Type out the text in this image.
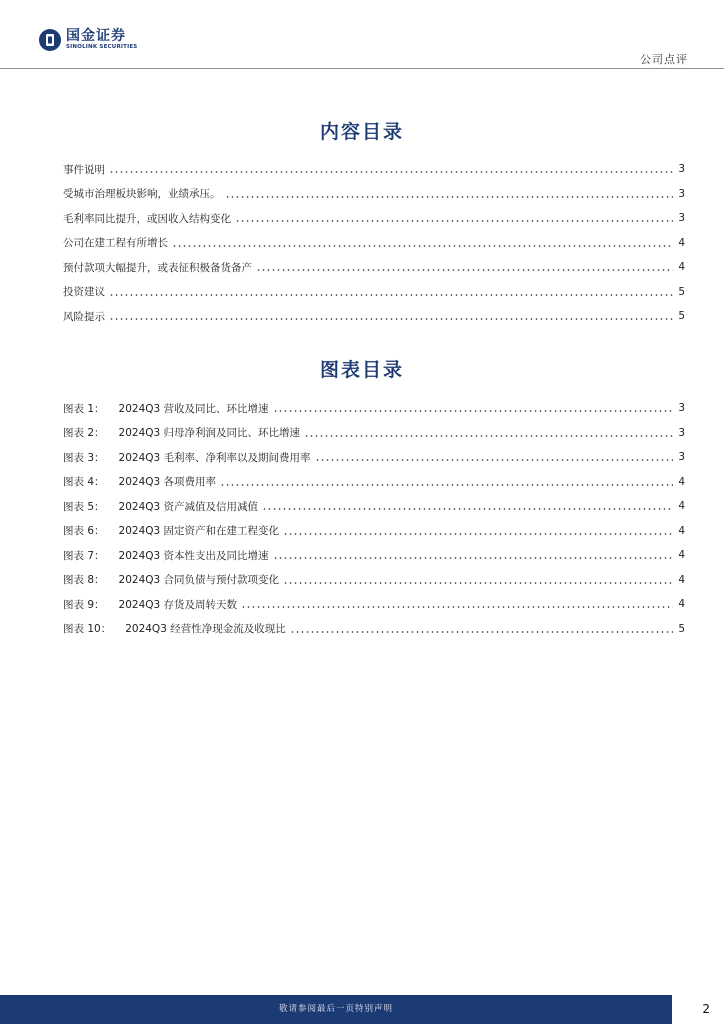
国金证券
SINOLINK SECURITIES
公司点评
内容目录
事件说明	3
受城市治理板块影响，业绩承压。	3
毛利率同比提升，或因收入结构变化	3
公司在建工程有所增长	4
预付款项大幅提升，或表征积极备货备产	4
投资建议	5
风险提示	5
图表目录
图表 1： 2024Q3 营收及同比、环比增速	3
图表 2： 2024Q3 归母净利润及同比、环比增速	3
图表 3： 2024Q3 毛利率、净利率以及期间费用率	3
图表 4： 2024Q3 各项费用率	4
图表 5： 2024Q3 资产减值及信用减值	4
图表 6： 2024Q3 固定资产和在建工程变化	4
图表 7： 2024Q3 资本性支出及同比增速	4
图表 8： 2024Q3 合同负债与预付款项变化	4
图表 9： 2024Q3 存货及周转天数	4
图表 10： 2024Q3 经营性净现金流及收现比	5
敬请参阅最后一页特别声明	2
